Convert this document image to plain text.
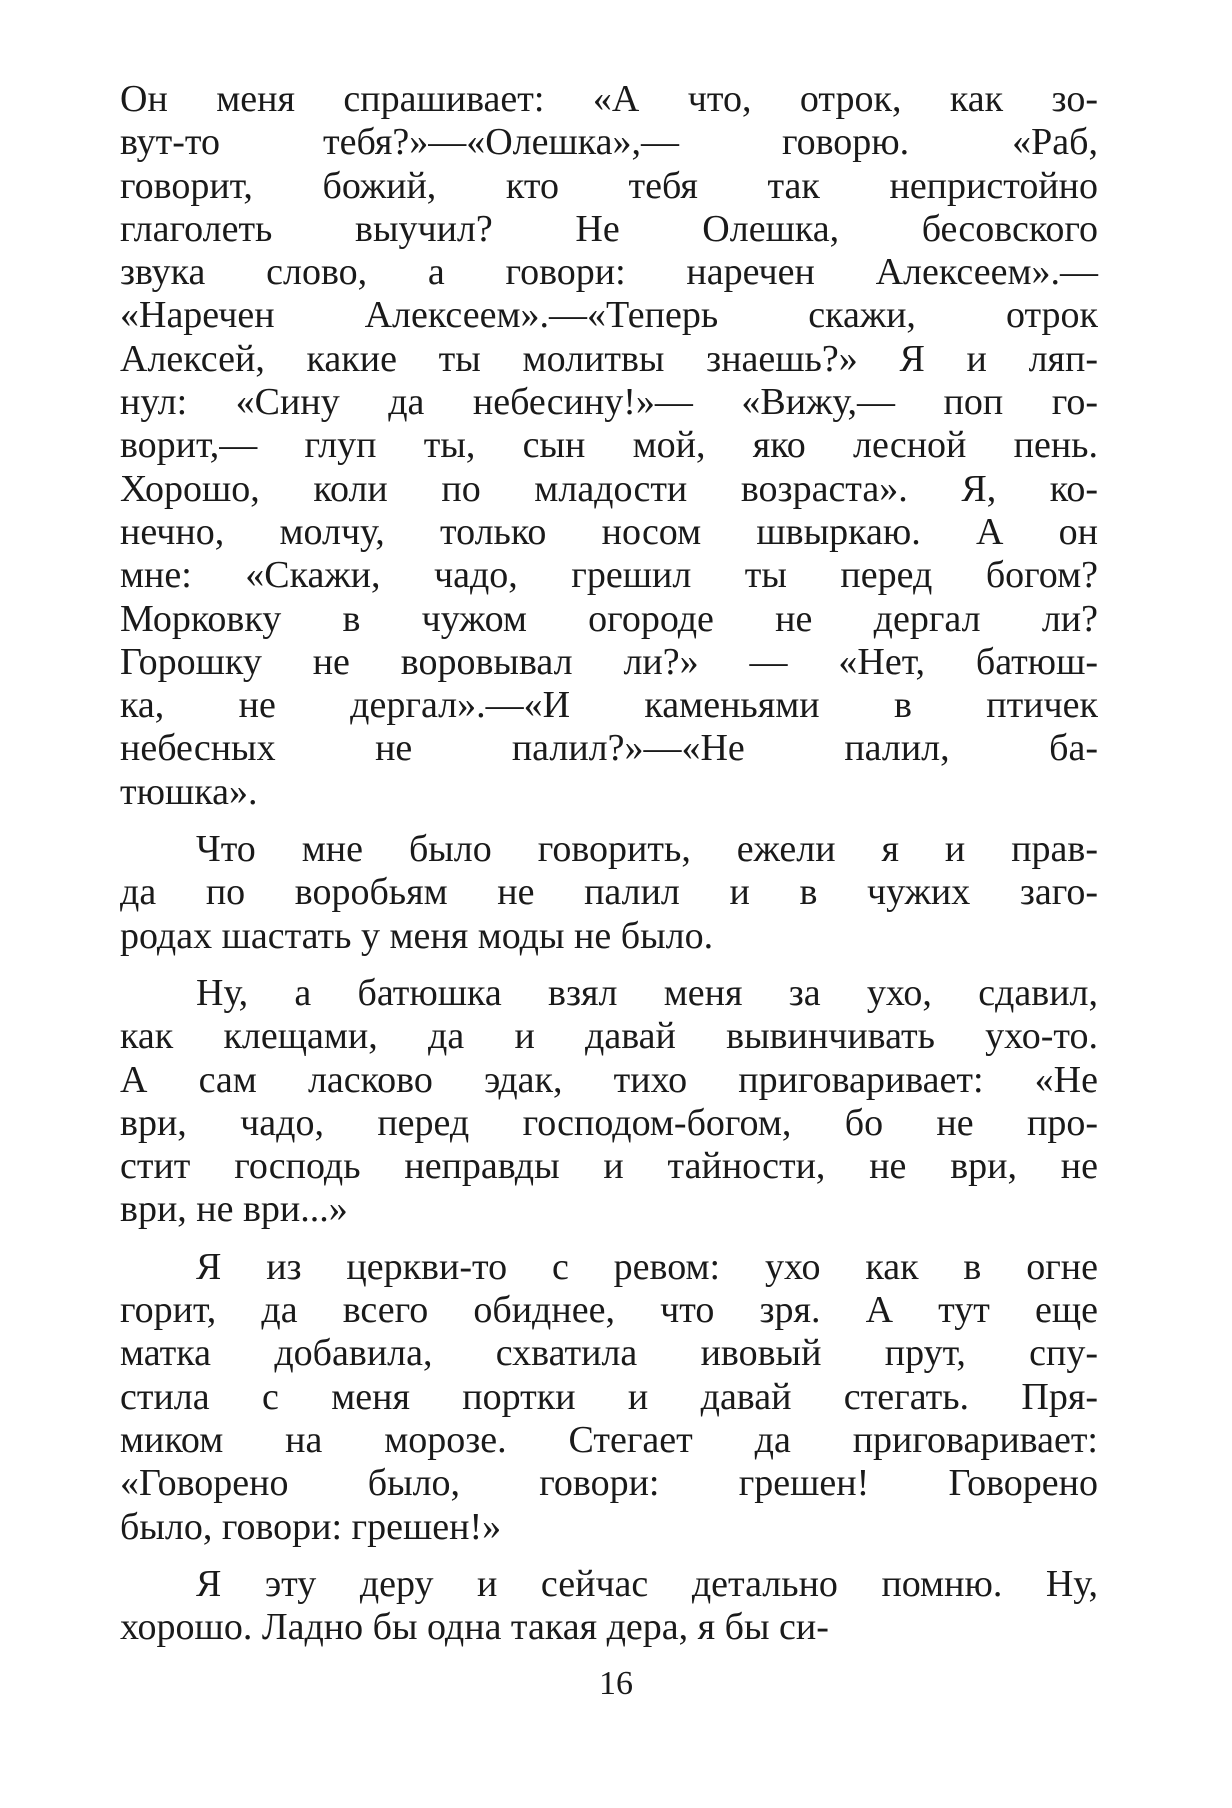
Он меня спрашивает: «А что, отрок, как зо-
вут-то тебя?»—«Олешка»,— говорю. «Раб,
говорит, божий, кто тебя так непристойно
глаголеть выучил? Не Олешка, бесовского
звука слово, а говори: наречен Алексеем».—
«Наречен Алексеем».—«Теперь скажи, отрок
Алексей, какие ты молитвы знаешь?» Я и ляп-
нул: «Сину да небесину!»— «Вижу,— поп го-
ворит,— глуп ты, сын мой, яко лесной пень.
Хорошо, коли по младости возраста». Я, ко-
нечно, молчу, только носом швыркаю. А он
мне: «Скажи, чадо, грешил ты перед богом?
Морковку в чужом огороде не дергал ли?
Горошку не воровывал ли?» — «Нет, батюш-
ка, не дергал».—«И каменьями в птичек
небесных не палил?»—«Не палил, ба-
тюшка».
Что мне было говорить, ежели я и прав-
да по воробьям не палил и в чужих заго-
родах шастать у меня моды не было.
Ну, а батюшка взял меня за ухо, сдавил,
как клещами, да и давай вывинчивать ухо-то.
А сам ласково эдак, тихо приговаривает: «Не
ври, чадо, перед господом-богом, бо не про-
стит господь неправды и тайности, не ври, не
ври, не ври...»
Я из церкви-то с ревом: ухо как в огне
горит, да всего обиднее, что зря. А тут еще
матка добавила, схватила ивовый прут, спу-
стила с меня портки и давай стегать. Пря-
миком на морозе. Стегает да приговаривает:
«Говорено было, говори: грешен! Говорено
было, говори: грешен!»
Я эту деру и сейчас детально помню. Ну,
хорошо. Ладно бы одна такая дера, я бы си-
16
